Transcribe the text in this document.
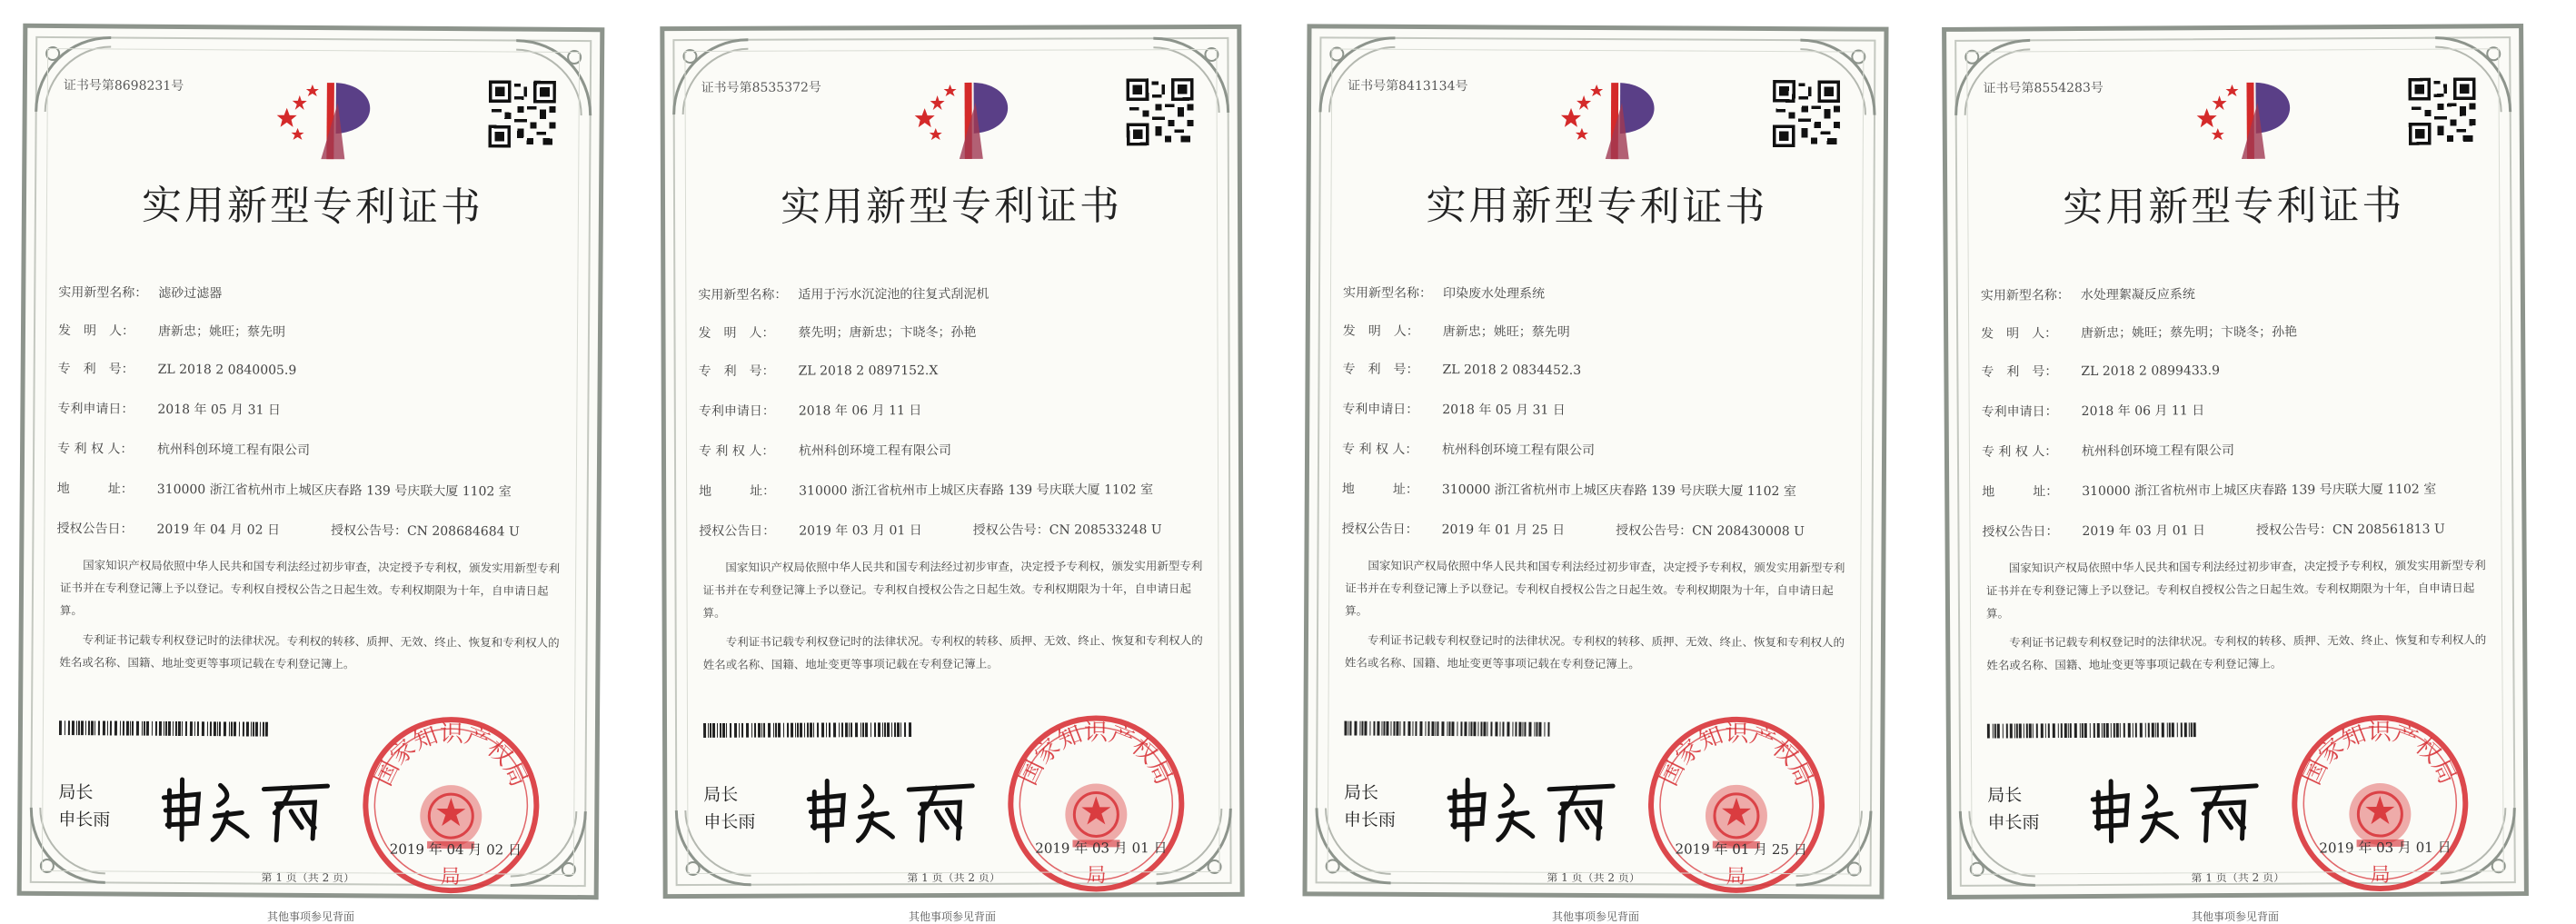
证书号第8698231号
实用新型专利证书
实用新型名称： 滤砂过滤器
发　明　人： 唐新忠；姚旺；蔡先明
专　利　号： ZL 2018 2 0840005.9
专利申请日： 2018 年 05 月 31 日
专 利 权 人： 杭州科创环境工程有限公司
地　　　址： 310000 浙江省杭州市上城区庆春路 139 号庆联大厦 1102 室
授权公告日： 2019 年 04 月 02 日	授权公告号：CN 208684684 U
国家知识产权局依照中华人民共和国专利法经过初步审查，决定授予专利权，颁发实用新型专利证书并在专利登记簿上予以登记。专利权自授权公告之日起生效。专利权期限为十年，自申请日起算。
专利证书记载专利权登记时的法律状况。专利权的转移、质押、无效、终止、恢复和专利权人的姓名或名称、国籍、地址变更等事项记载在专利登记簿上。
局长
申长雨
国家知识产权局
局
2019 年 04 月 02 日
第 1 页（共 2 页）
其他事项参见背面
证书号第8535372号
实用新型专利证书
实用新型名称： 适用于污水沉淀池的往复式刮泥机
发　明　人： 蔡先明；唐新忠；卞晓冬；孙艳
专　利　号： ZL 2018 2 0897152.X
专利申请日： 2018 年 06 月 11 日
专 利 权 人： 杭州科创环境工程有限公司
地　　　址： 310000 浙江省杭州市上城区庆春路 139 号庆联大厦 1102 室
授权公告日： 2019 年 03 月 01 日	授权公告号：CN 208533248 U
国家知识产权局依照中华人民共和国专利法经过初步审查，决定授予专利权，颁发实用新型专利证书并在专利登记簿上予以登记。专利权自授权公告之日起生效。专利权期限为十年，自申请日起算。
专利证书记载专利权登记时的法律状况。专利权的转移、质押、无效、终止、恢复和专利权人的姓名或名称、国籍、地址变更等事项记载在专利登记簿上。
局长
申长雨
国家知识产权局
局
2019 年 03 月 01 日
第 1 页（共 2 页）
其他事项参见背面
证书号第8413134号
实用新型专利证书
实用新型名称： 印染废水处理系统
发　明　人： 唐新忠；姚旺；蔡先明
专　利　号： ZL 2018 2 0834452.3
专利申请日： 2018 年 05 月 31 日
专 利 权 人： 杭州科创环境工程有限公司
地　　　址： 310000 浙江省杭州市上城区庆春路 139 号庆联大厦 1102 室
授权公告日： 2019 年 01 月 25 日	授权公告号：CN 208430008 U
国家知识产权局依照中华人民共和国专利法经过初步审查，决定授予专利权，颁发实用新型专利证书并在专利登记簿上予以登记。专利权自授权公告之日起生效。专利权期限为十年，自申请日起算。
专利证书记载专利权登记时的法律状况。专利权的转移、质押、无效、终止、恢复和专利权人的姓名或名称、国籍、地址变更等事项记载在专利登记簿上。
局长
申长雨
国家知识产权局
局
2019 年 01 月 25 日
第 1 页（共 2 页）
其他事项参见背面
证书号第8554283号
实用新型专利证书
实用新型名称： 水处理絮凝反应系统
发　明　人： 唐新忠；姚旺；蔡先明；卞晓冬；孙艳
专　利　号： ZL 2018 2 0899433.9
专利申请日： 2018 年 06 月 11 日
专 利 权 人： 杭州科创环境工程有限公司
地　　　址： 310000 浙江省杭州市上城区庆春路 139 号庆联大厦 1102 室
授权公告日： 2019 年 03 月 01 日	授权公告号：CN 208561813 U
国家知识产权局依照中华人民共和国专利法经过初步审查，决定授予专利权，颁发实用新型专利证书并在专利登记簿上予以登记。专利权自授权公告之日起生效。专利权期限为十年，自申请日起算。
专利证书记载专利权登记时的法律状况。专利权的转移、质押、无效、终止、恢复和专利权人的姓名或名称、国籍、地址变更等事项记载在专利登记簿上。
局长
申长雨
国家知识产权局
局
2019 年 03 月 01 日
第 1 页（共 2 页）
其他事项参见背面
